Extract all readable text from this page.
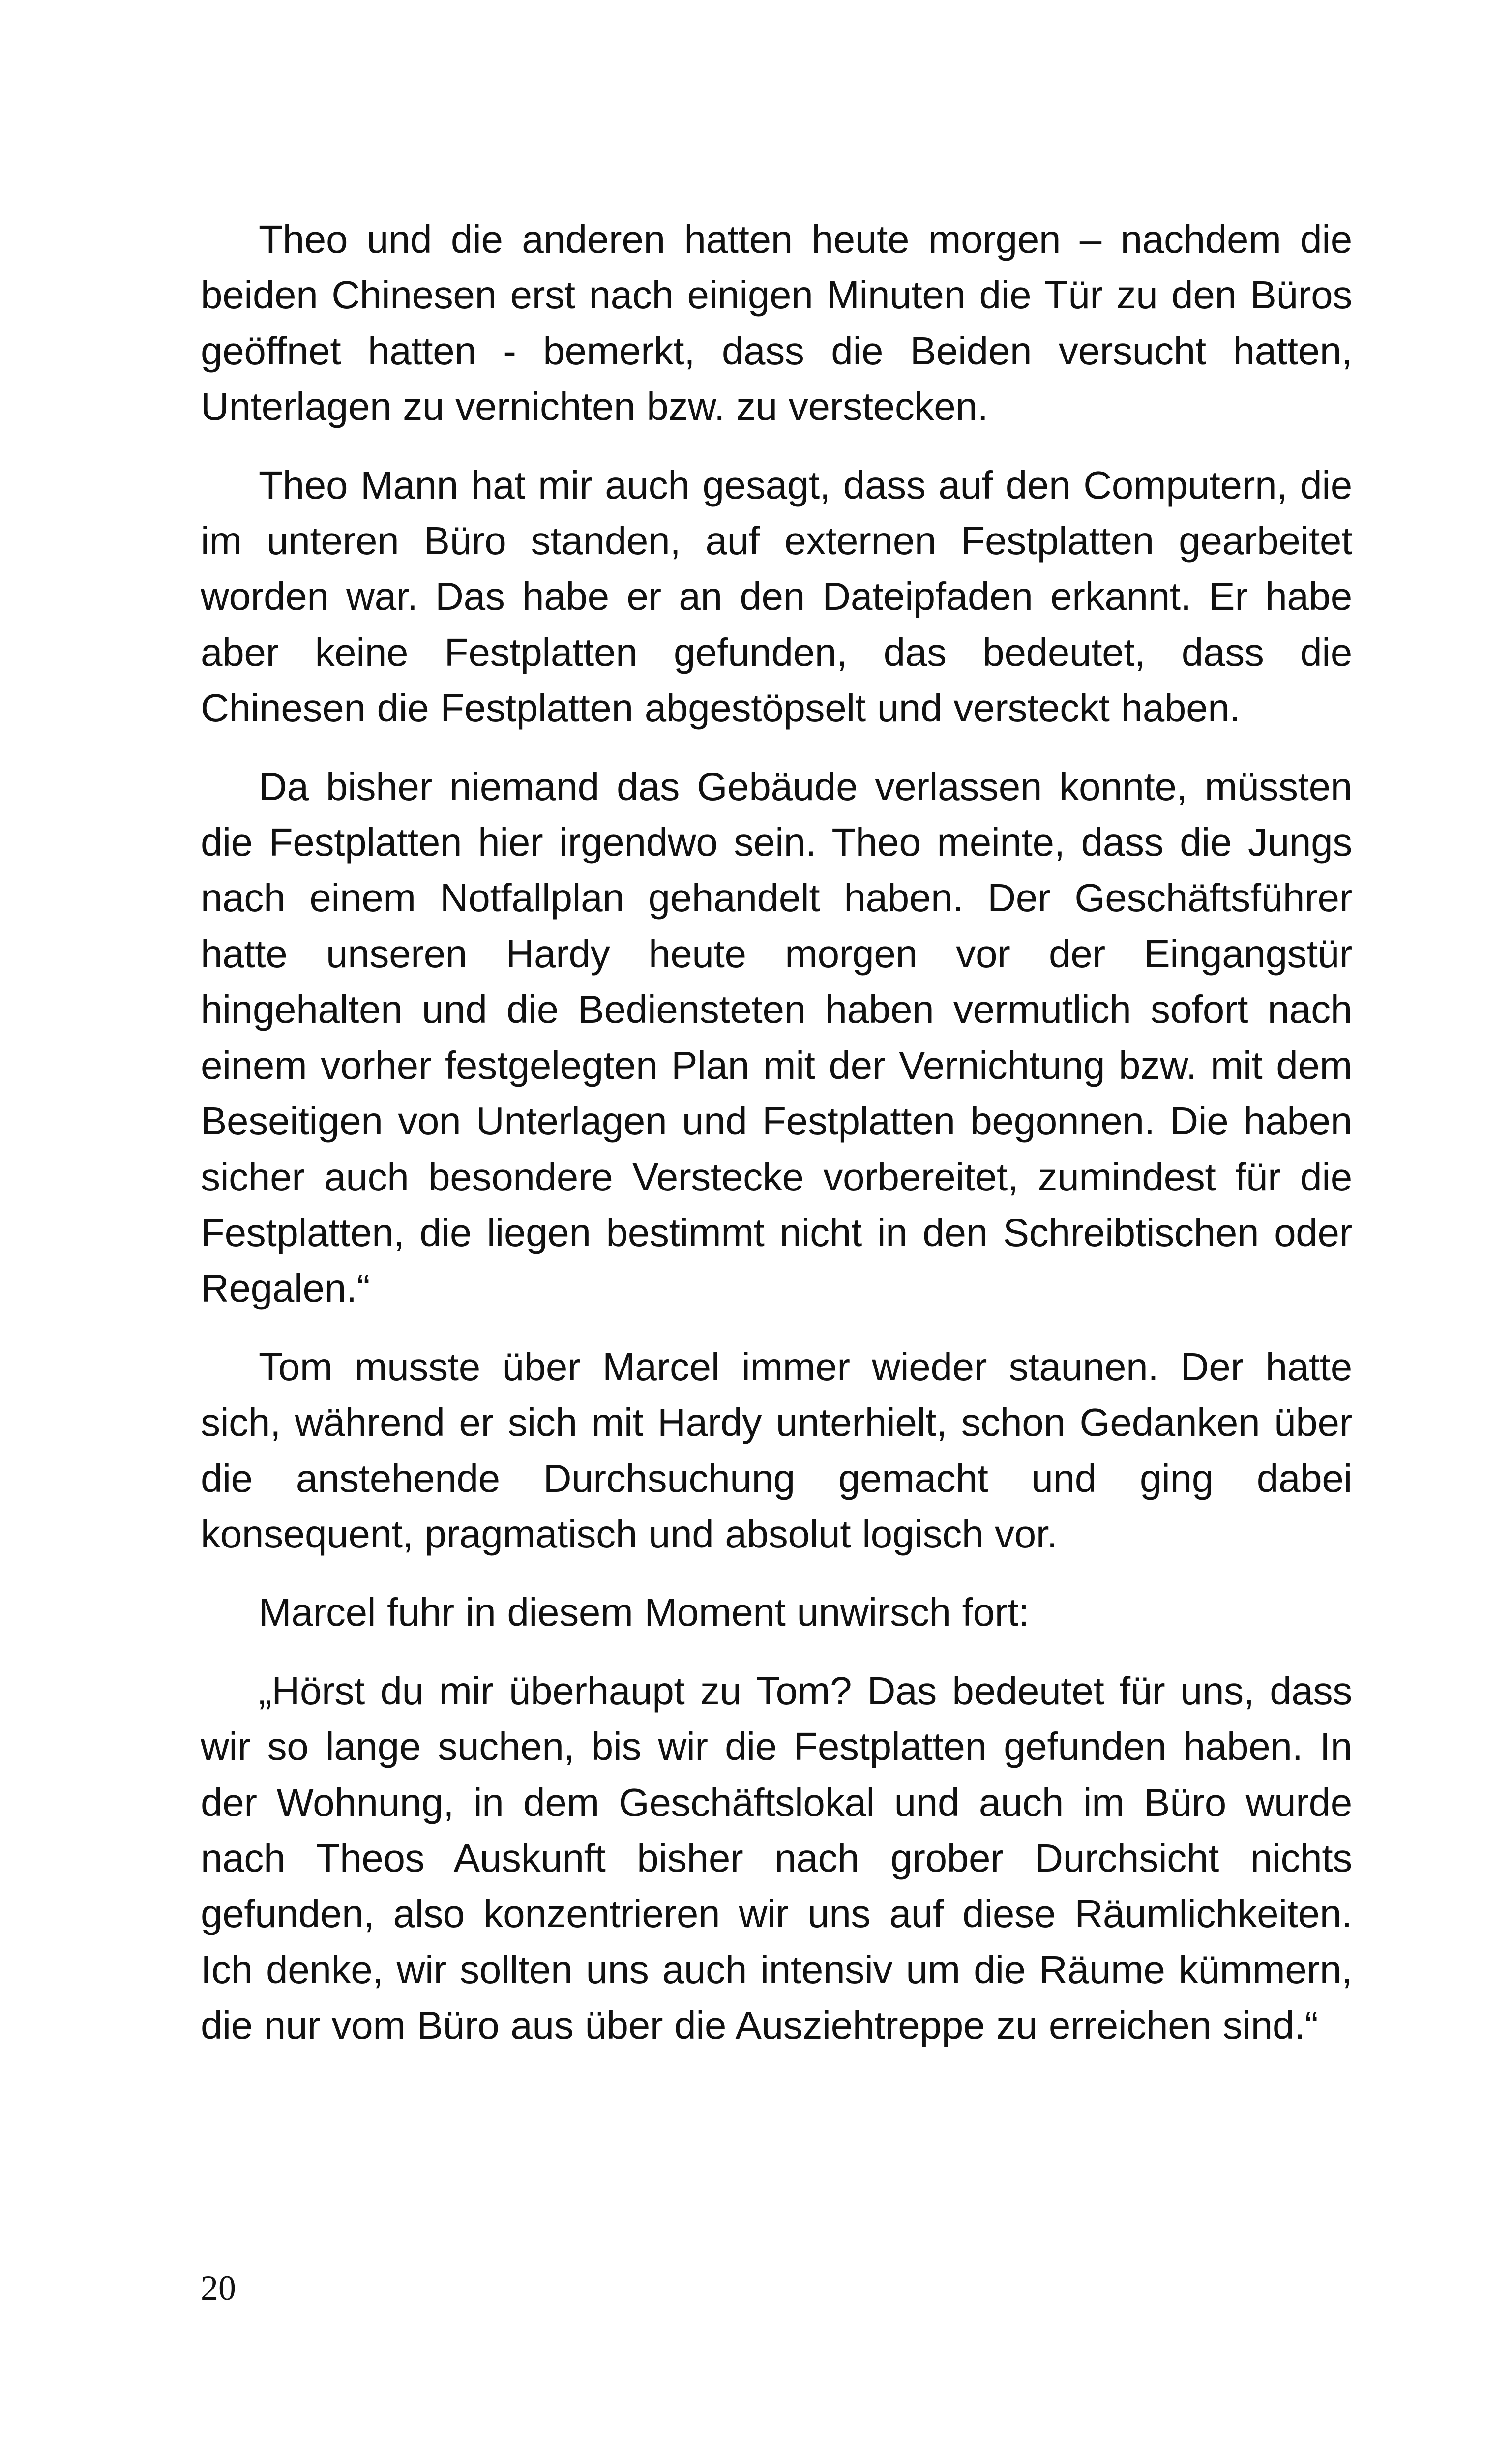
Theo und die anderen hatten heute morgen – nachdem die beiden Chinesen erst nach einigen Minuten die Tür zu den Büros geöffnet hatten - bemerkt, dass die Beiden versucht hatten, Unterlagen zu vernichten bzw. zu verstecken.

Theo Mann hat mir auch gesagt, dass auf den Computern, die im unteren Büro standen, auf externen Festplatten gearbeitet worden war. Das habe er an den Dateipfaden erkannt. Er habe aber keine Festplatten gefunden, das bedeutet, dass die Chinesen die Festplatten abgestöpselt und versteckt haben.

Da bisher niemand das Gebäude verlassen konnte, müssten die Festplatten hier irgendwo sein. Theo meinte, dass die Jungs nach einem Notfallplan gehandelt haben. Der Geschäftsführer hatte unseren Hardy heute morgen vor der Eingangstür hingehalten und die Bediensteten haben vermutlich sofort nach einem vorher festgelegten Plan mit der Vernichtung bzw. mit dem Beseitigen von Unterlagen und Festplatten begonnen. Die haben sicher auch besondere Verstecke vorbereitet, zumindest für die Festplatten, die liegen bestimmt nicht in den Schreibtischen oder Regalen.“

Tom musste über Marcel immer wieder staunen. Der hatte sich, während er sich mit Hardy unterhielt, schon Gedanken über die anstehende Durchsuchung gemacht und ging dabei konsequent, pragmatisch und absolut logisch vor.

Marcel fuhr in diesem Moment unwirsch fort:

„Hörst du mir überhaupt zu Tom? Das bedeutet für uns, dass wir so lange suchen, bis wir die Festplatten gefunden haben. In der Wohnung, in dem Geschäftslokal und auch im Büro wurde nach Theos Auskunft bisher nach grober Durchsicht nichts gefunden, also konzentrieren wir uns auf diese Räumlichkeiten. Ich denke, wir sollten uns auch intensiv um die Räume kümmern, die nur vom Büro aus über die Ausziehtreppe zu erreichen sind.“

20
